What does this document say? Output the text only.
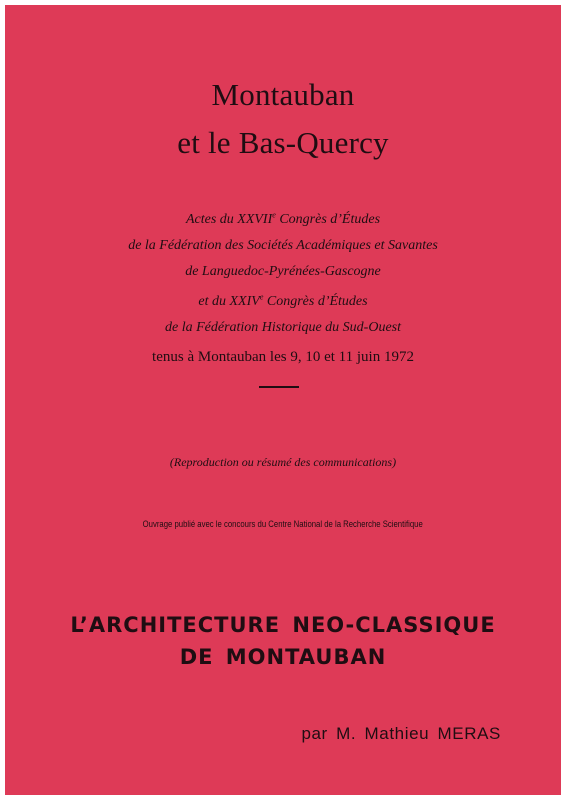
Montauban
et le Bas-Quercy
Actes du XXVIIe Congrès d’Études
de la Fédération des Sociétés Académiques et Savantes
de Languedoc-Pyrénées-Gascogne
et du XXIVe Congrès d’Études
de la Fédération Historique du Sud-Ouest
tenus à Montauban les 9, 10 et 11 juin 1972
(Reproduction ou résumé des communications)
Ouvrage publié avec le concours du Centre National de la Recherche Scientifique
L’ARCHITECTURE NEO-CLASSIQUE
DE MONTAUBAN
par M. Mathieu MERAS
